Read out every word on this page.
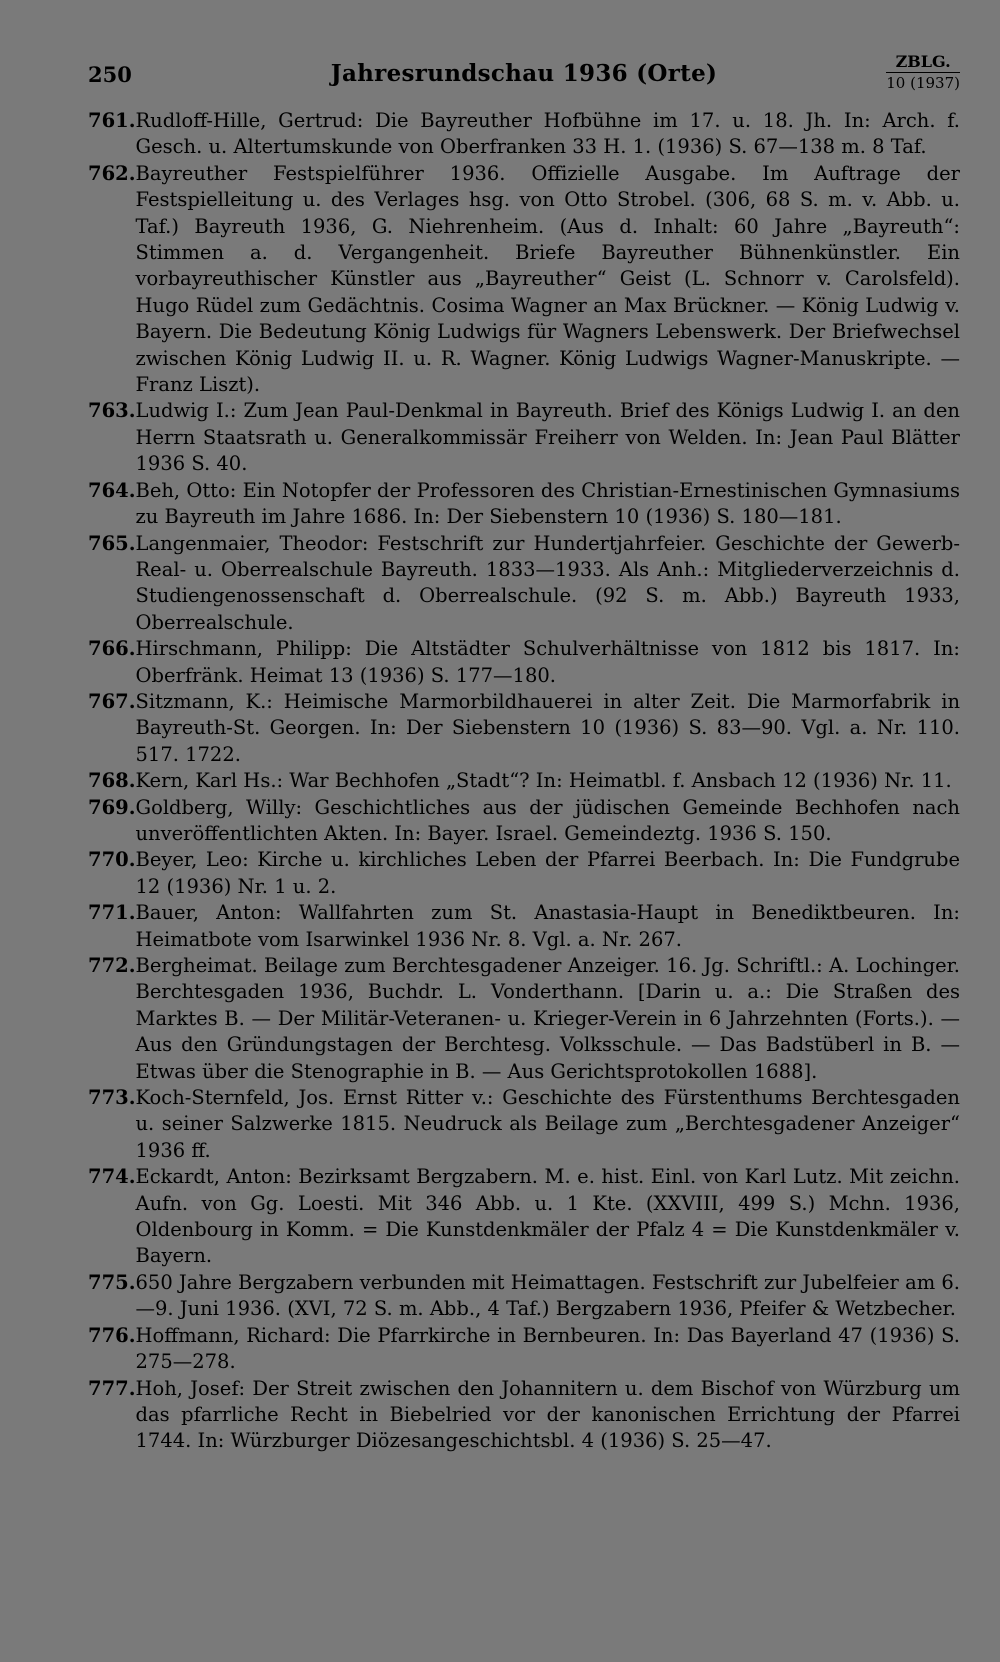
250	Jahresrundschau 1936 (Orte)	ZBLG.
10 (1937)
761. Rudloff-Hille, Gertrud: Die Bayreuther Hofbühne im 17. u. 18. Jh. In: Arch. f. Gesch. u. Altertumskunde von Oberfranken 33 H. 1. (1936) S. 67—138 m. 8 Taf.
762. Bayreuther Festspielführer 1936. Offizielle Ausgabe. Im Auftrage der Festspielleitung u. des Verlages hsg. von Otto Strobel. (306, 68 S. m. v. Abb. u. Taf.) Bayreuth 1936, G. Niehrenheim. (Aus d. Inhalt: 60 Jahre „Bayreuth“: Stimmen a. d. Vergangenheit. Briefe Bayreuther Bühnenkünstler. Ein vorbayreuthischer Künstler aus „Bayreuther“ Geist (L. Schnorr v. Carolsfeld). Hugo Rüdel zum Gedächtnis. Cosima Wagner an Max Brückner. — König Ludwig v. Bayern. Die Bedeutung König Ludwigs für Wagners Lebenswerk. Der Briefwechsel zwischen König Ludwig II. u. R. Wagner. König Ludwigs Wagner-Manuskripte. — Franz Liszt).
763. Ludwig I.: Zum Jean Paul-Denkmal in Bayreuth. Brief des Königs Ludwig I. an den Herrn Staatsrath u. Generalkommissär Freiherr von Welden. In: Jean Paul Blätter 1936 S. 40.
764. Beh, Otto: Ein Notopfer der Professoren des Christian-Ernestinischen Gymnasiums zu Bayreuth im Jahre 1686. In: Der Siebenstern 10 (1936) S. 180—181.
765. Langenmaier, Theodor: Festschrift zur Hundertjahrfeier. Geschichte der Gewerb-Real- u. Oberrealschule Bayreuth. 1833—1933. Als Anh.: Mitgliederverzeichnis d. Studiengenossenschaft d. Oberrealschule. (92 S. m. Abb.) Bayreuth 1933, Oberrealschule.
766. Hirschmann, Philipp: Die Altstädter Schulverhältnisse von 1812 bis 1817. In: Oberfränk. Heimat 13 (1936) S. 177—180.
767. Sitzmann, K.: Heimische Marmorbildhauerei in alter Zeit. Die Marmorfabrik in Bayreuth-St. Georgen. In: Der Siebenstern 10 (1936) S. 83—90. Vgl. a. Nr. 110. 517. 1722.
768. Kern, Karl Hs.: War Bechhofen „Stadt“? In: Heimatbl. f. Ansbach 12 (1936) Nr. 11.
769. Goldberg, Willy: Geschichtliches aus der jüdischen Gemeinde Bechhofen nach unveröffentlichten Akten. In: Bayer. Israel. Gemeindeztg. 1936 S. 150.
770. Beyer, Leo: Kirche u. kirchliches Leben der Pfarrei Beerbach. In: Die Fundgrube 12 (1936) Nr. 1 u. 2.
771. Bauer, Anton: Wallfahrten zum St. Anastasia-Haupt in Benediktbeuren. In: Heimatbote vom Isarwinkel 1936 Nr. 8. Vgl. a. Nr. 267.
772. Bergheimat. Beilage zum Berchtesgadener Anzeiger. 16. Jg. Schriftl.: A. Lochinger. Berchtesgaden 1936, Buchdr. L. Vonderthann. [Darin u. a.: Die Straßen des Marktes B. — Der Militär-Veteranen- u. Krieger-Verein in 6 Jahrzehnten (Forts.). — Aus den Gründungstagen der Berchtesg. Volksschule. — Das Badstüberl in B. — Etwas über die Stenographie in B. — Aus Gerichtsprotokollen 1688].
773. Koch-Sternfeld, Jos. Ernst Ritter v.: Geschichte des Fürstenthums Berchtesgaden u. seiner Salzwerke 1815. Neudruck als Beilage zum „Berchtesgadener Anzeiger“ 1936 ff.
774. Eckardt, Anton: Bezirksamt Bergzabern. M. e. hist. Einl. von Karl Lutz. Mit zeichn. Aufn. von Gg. Loesti. Mit 346 Abb. u. 1 Kte. (XXVIII, 499 S.) Mchn. 1936, Oldenbourg in Komm. = Die Kunstdenkmäler der Pfalz 4 = Die Kunstdenkmäler v. Bayern.
775. 650 Jahre Bergzabern verbunden mit Heimattagen. Festschrift zur Jubelfeier am 6.—9. Juni 1936. (XVI, 72 S. m. Abb., 4 Taf.) Bergzabern 1936, Pfeifer & Wetzbecher.
776. Hoffmann, Richard: Die Pfarrkirche in Bernbeuren. In: Das Bayerland 47 (1936) S. 275—278.
777. Hoh, Josef: Der Streit zwischen den Johannitern u. dem Bischof von Würzburg um das pfarrliche Recht in Biebelried vor der kanonischen Errichtung der Pfarrei 1744. In: Würzburger Diözesangeschichtsbl. 4 (1936) S. 25—47.
